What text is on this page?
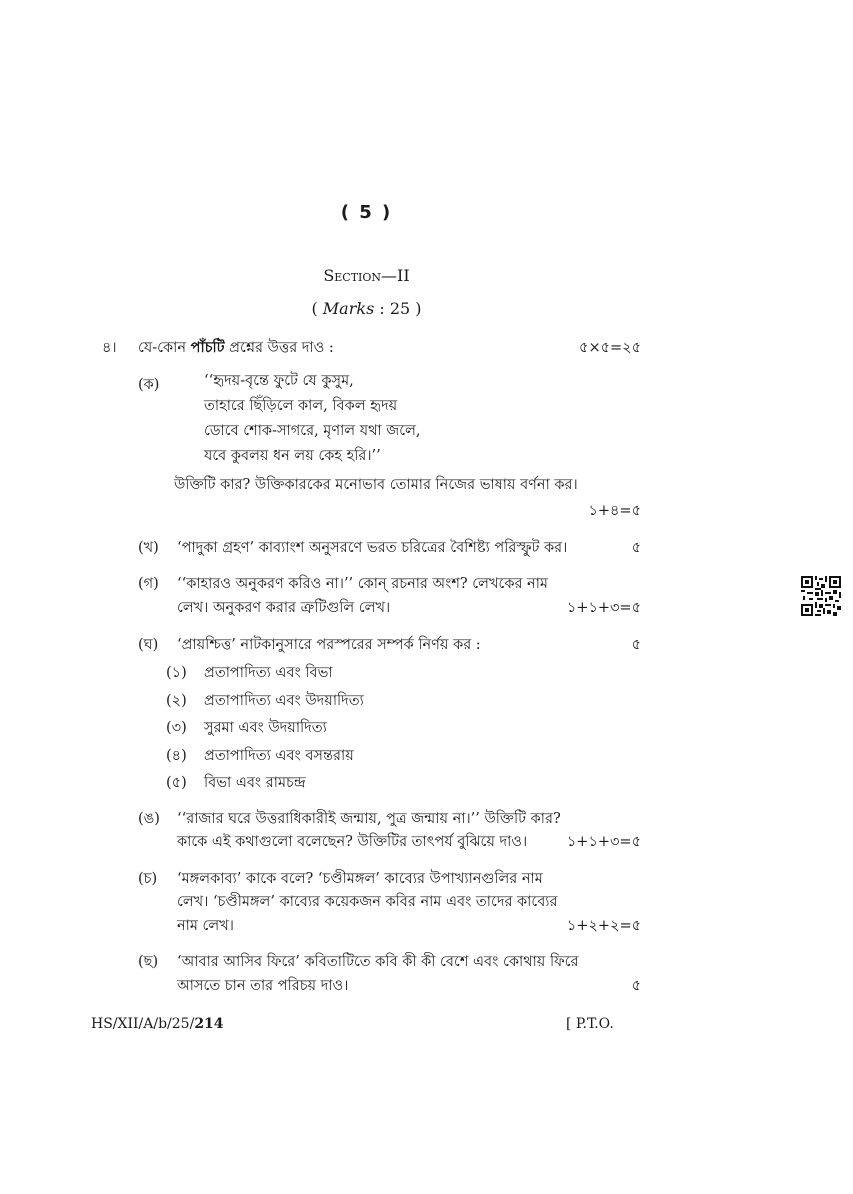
( 5 )
Section—II
( Marks : 25 )
৪। যে-কোন পাঁচটি প্রশ্নের উত্তর দাও :	৫×৫=২৫
(ক)	‘‘হৃদয়-বৃন্তে ফুটে যে কুসুম,
তাহারে ছিঁড়িলে কাল, বিকল হৃদয়
ডোবে শোক-সাগরে, মৃণাল যথা জলে,
যবে কুবলয় ধন লয় কেহ হরি।’’
উক্তিটি কার? উক্তিকারকের মনোভাব তোমার নিজের ভাষায় বর্ণনা কর।
১+৪=৫
(খ) ‘পাদুকা গ্রহণ’ কাব্যাংশ অনুসরণে ভরত চরিত্রের বৈশিষ্ট্য পরিস্ফুট কর।	৫
(গ) ‘‘কাহারও অনুকরণ করিও না।’’ কোন্ রচনার অংশ? লেখকের নাম
লেখ। অনুকরণ করার ত্রুটিগুলি লেখ।	১+১+৩=৫
(ঘ) ‘প্রায়শ্চিত্ত’ নাটকানুসারে পরস্পরের সম্পর্ক নির্ণয় কর :	৫
(১) প্রতাপাদিত্য এবং বিভা
(২) প্রতাপাদিত্য এবং উদয়াদিত্য
(৩) সুরমা এবং উদয়াদিত্য
(৪) প্রতাপাদিত্য এবং বসন্তরায়
(৫) বিভা এবং রামচন্দ্র
(ঙ) ‘‘রাজার ঘরে উত্তরাধিকারীই জন্মায়, পুত্র জন্মায় না।’’ উক্তিটি কার?
কাকে এই কথাগুলো বলেছেন? উক্তিটির তাৎপর্য বুঝিয়ে দাও।	১+১+৩=৫
(চ) ‘মঙ্গলকাব্য’ কাকে বলে? ‘চণ্ডীমঙ্গল’ কাব্যের উপাখ্যানগুলির নাম
লেখ। ‘চণ্ডীমঙ্গল’ কাব্যের কয়েকজন কবির নাম এবং তাদের কাব্যের
নাম লেখ।	১+২+২=৫
(ছ) ‘আবার আসিব ফিরে’ কবিতাটিতে কবি কী কী বেশে এবং কোথায় ফিরে
আসতে চান তার পরিচয় দাও।	৫
HS/XII/A/b/25/214	[ P.T.O.
